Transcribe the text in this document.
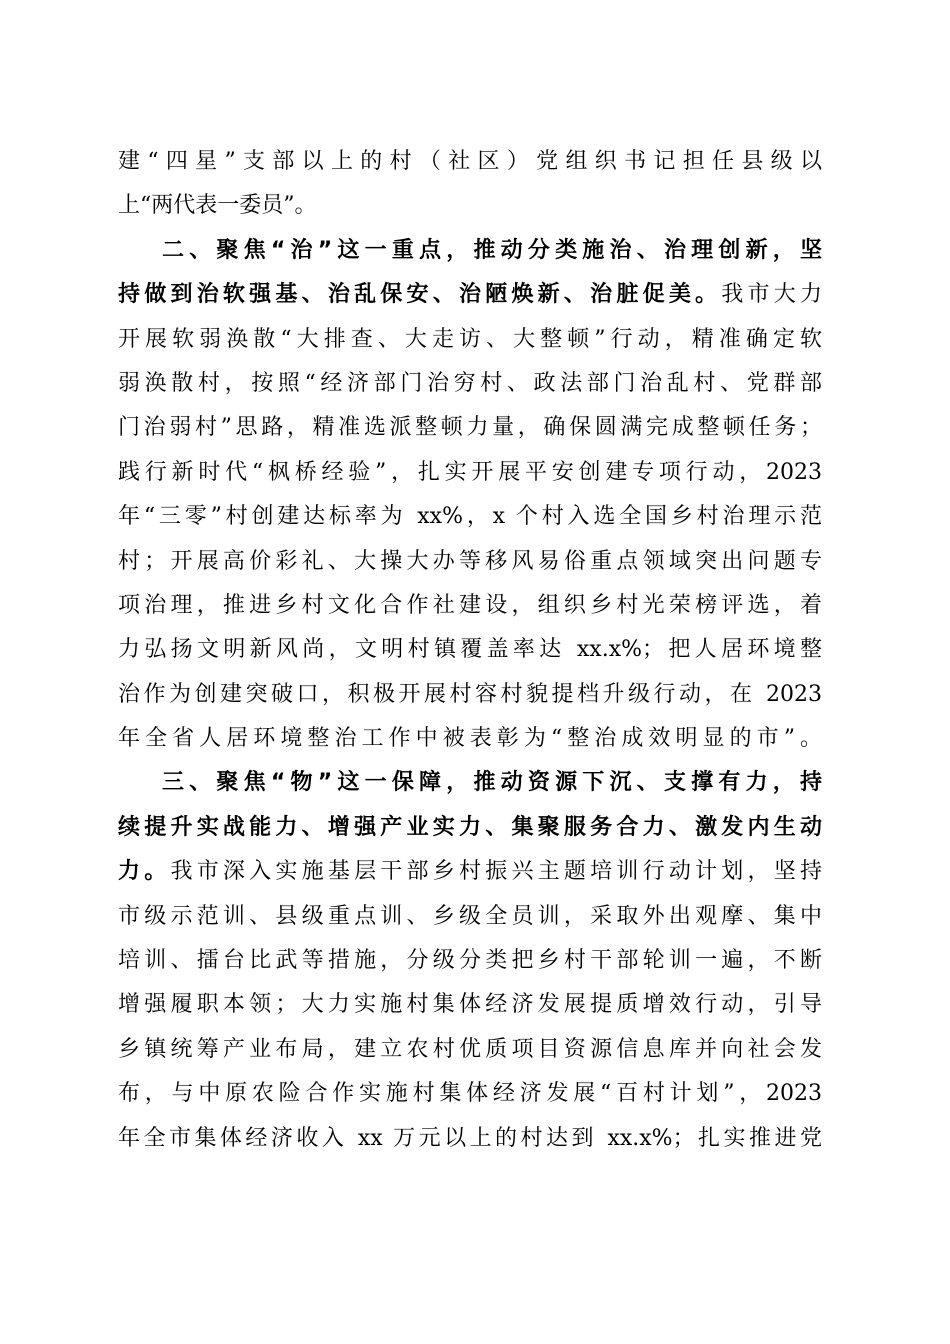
建“四星”支部以上的村（社区）党组织书记担任县级以
上“两代表一委员”。
二、聚焦“治”这一重点，推动分类施治、治理创新，坚
持做到治软强基、治乱保安、治陋焕新、治脏促美。我市大力
开展软弱涣散“大排查、大走访、大整顿”行动，精准确定软
弱涣散村，按照“经济部门治穷村、政法部门治乱村、党群部
门治弱村”思路，精准选派整顿力量，确保圆满完成整顿任务；
践行新时代“枫桥经验”，扎实开展平安创建专项行动，2023
年“三零”村创建达标率为 xx%，x 个村入选全国乡村治理示范
村；开展高价彩礼、大操大办等移风易俗重点领域突出问题专
项治理，推进乡村文化合作社建设，组织乡村光荣榜评选，着
力弘扬文明新风尚，文明村镇覆盖率达 xx.x%；把人居环境整
治作为创建突破口，积极开展村容村貌提档升级行动，在 2023
年全省人居环境整治工作中被表彰为“整治成效明显的市”。
三、聚焦“物”这一保障，推动资源下沉、支撑有力，持
续提升实战能力、增强产业实力、集聚服务合力、激发内生动
力。我市深入实施基层干部乡村振兴主题培训行动计划，坚持
市级示范训、县级重点训、乡级全员训，采取外出观摩、集中
培训、擂台比武等措施，分级分类把乡村干部轮训一遍，不断
增强履职本领；大力实施村集体经济发展提质增效行动，引导
乡镇统筹产业布局，建立农村优质项目资源信息库并向社会发
布，与中原农险合作实施村集体经济发展“百村计划”，2023
年全市集体经济收入 xx 万元以上的村达到 xx.x%；扎实推进党
